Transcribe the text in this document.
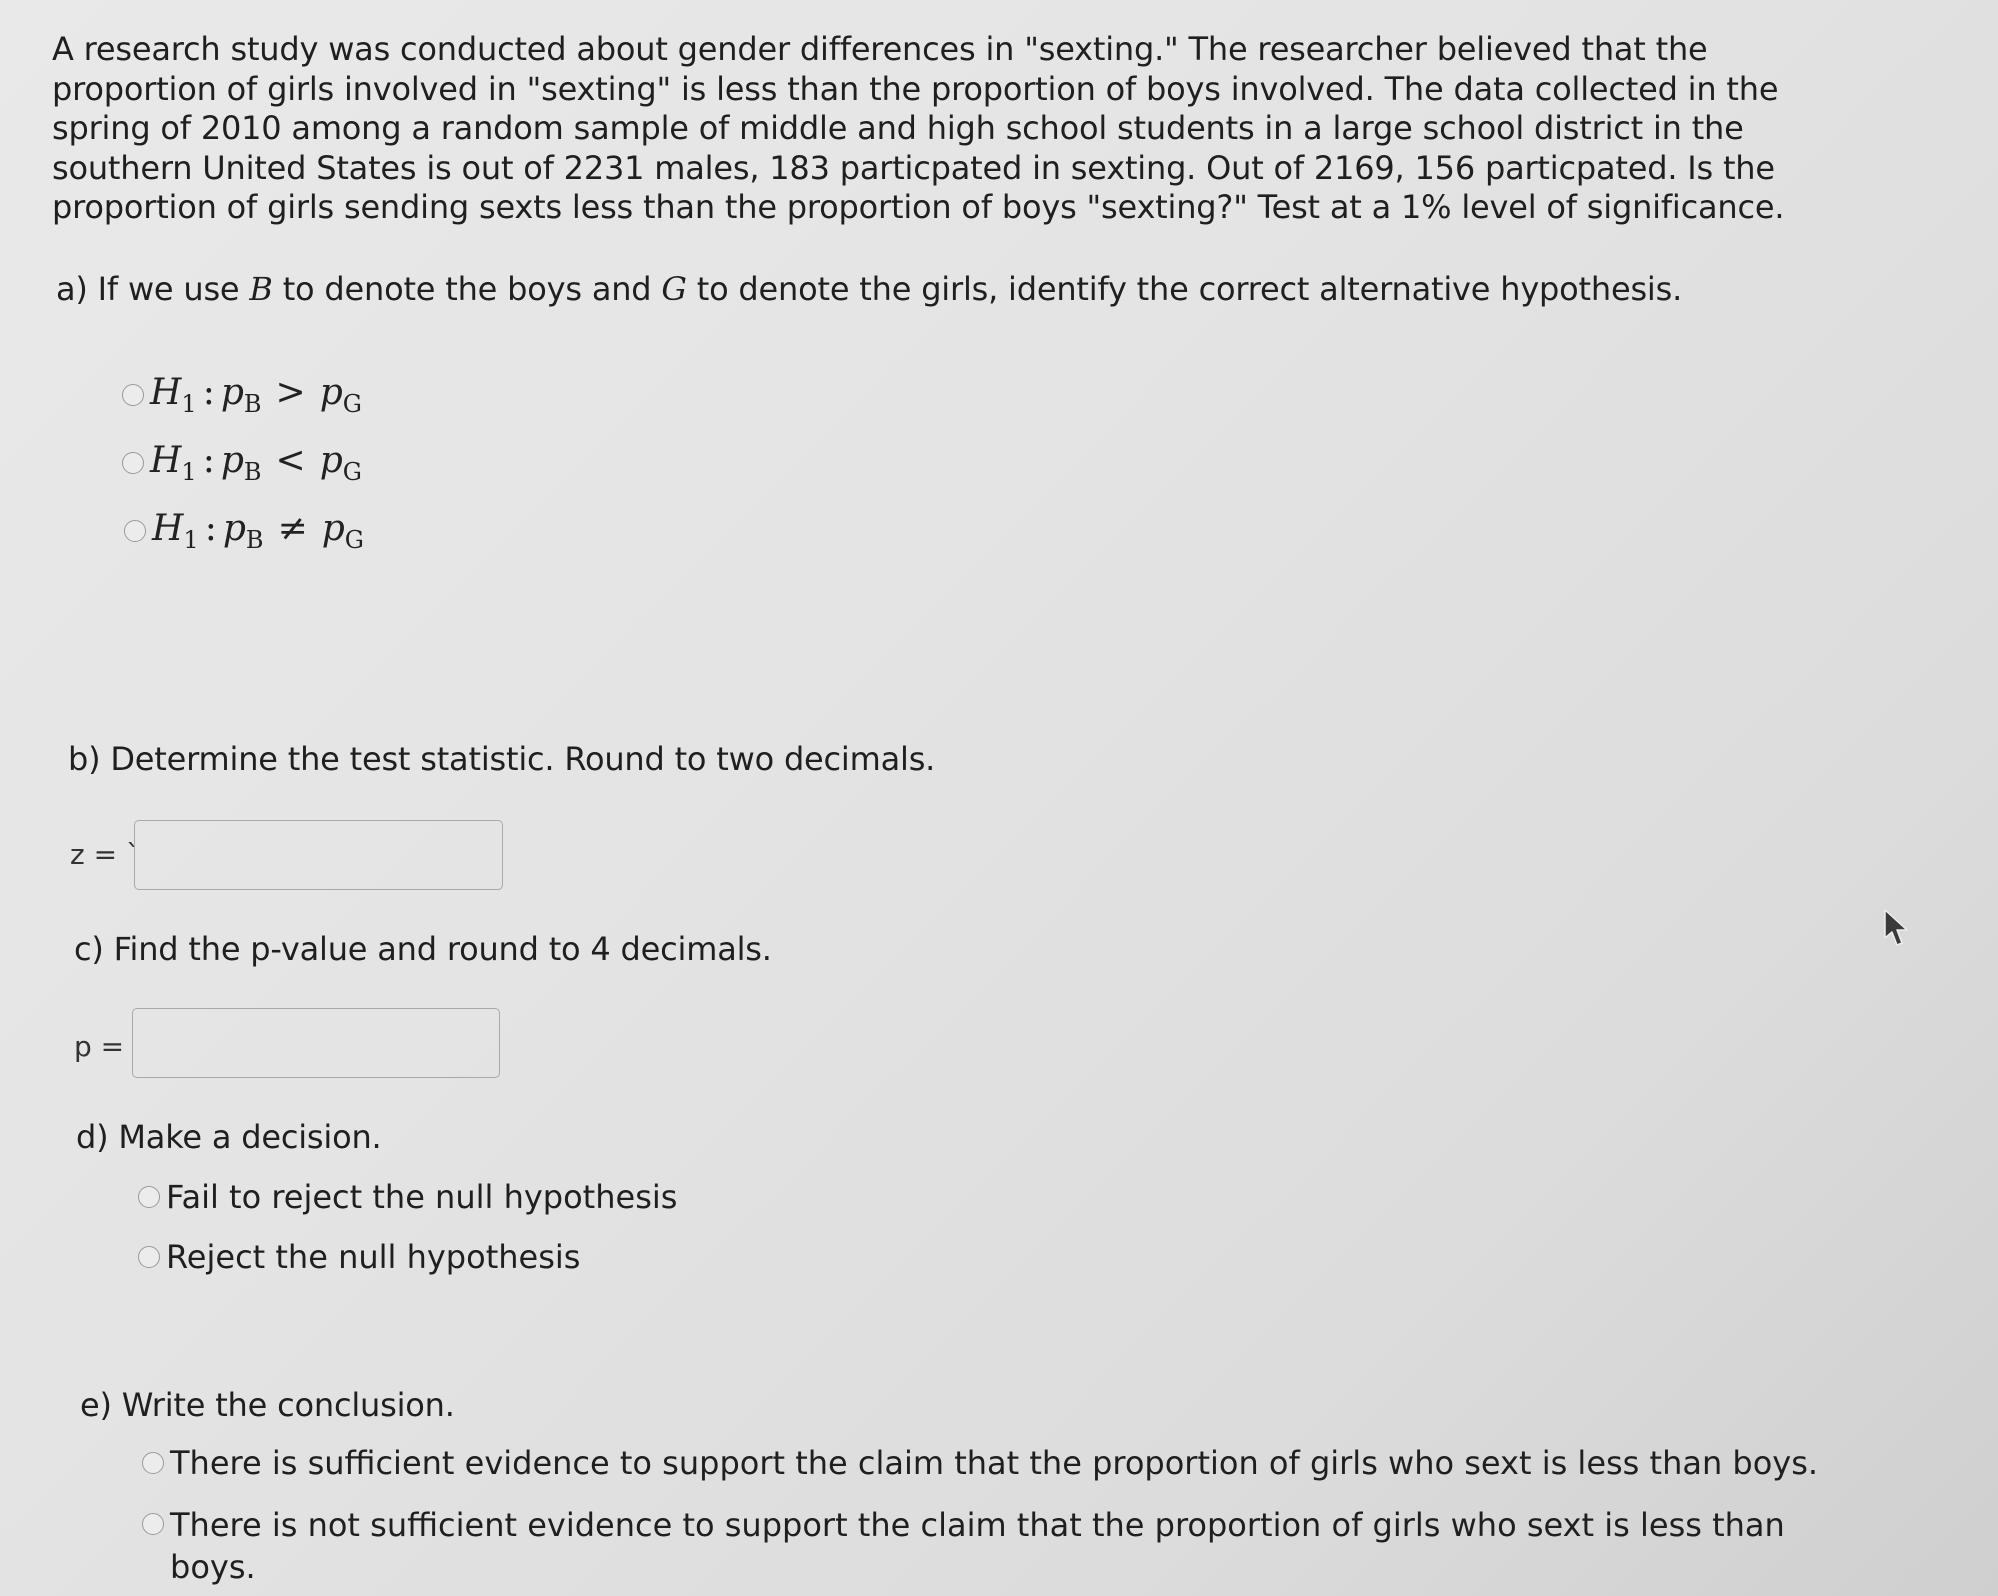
A research study was conducted about gender differences in "sexting." The researcher believed that the
proportion of girls involved in "sexting" is less than the proportion of boys involved. The data collected in the
spring of 2010 among a random sample of middle and high school students in a large school district in the
southern United States is out of 2231 males, 183 particpated in sexting. Out of 2169, 156 particpated. Is the
proportion of girls sending sexts less than the proportion of boys "sexting?" Test at a 1% level of significance.
a) If we use B to denote the boys and G to denote the girls, identify the correct alternative hypothesis.
$H_1$ : $p_B > p_G$
$H_1$ : $p_B < p_G$
$H_1$ : $p_B \ne p_G$
b) Determine the test statistic. Round to two decimals.
z = `
c) Find the p-value and round to 4 decimals.
p =
d) Make a decision.
Fail to reject the null hypothesis
Reject the null hypothesis
e) Write the conclusion.
There is sufficient evidence to support the claim that the proportion of girls who sext is less than boys.
There is not sufficient evidence to support the claim that the proportion of girls who sext is less than
boys.
